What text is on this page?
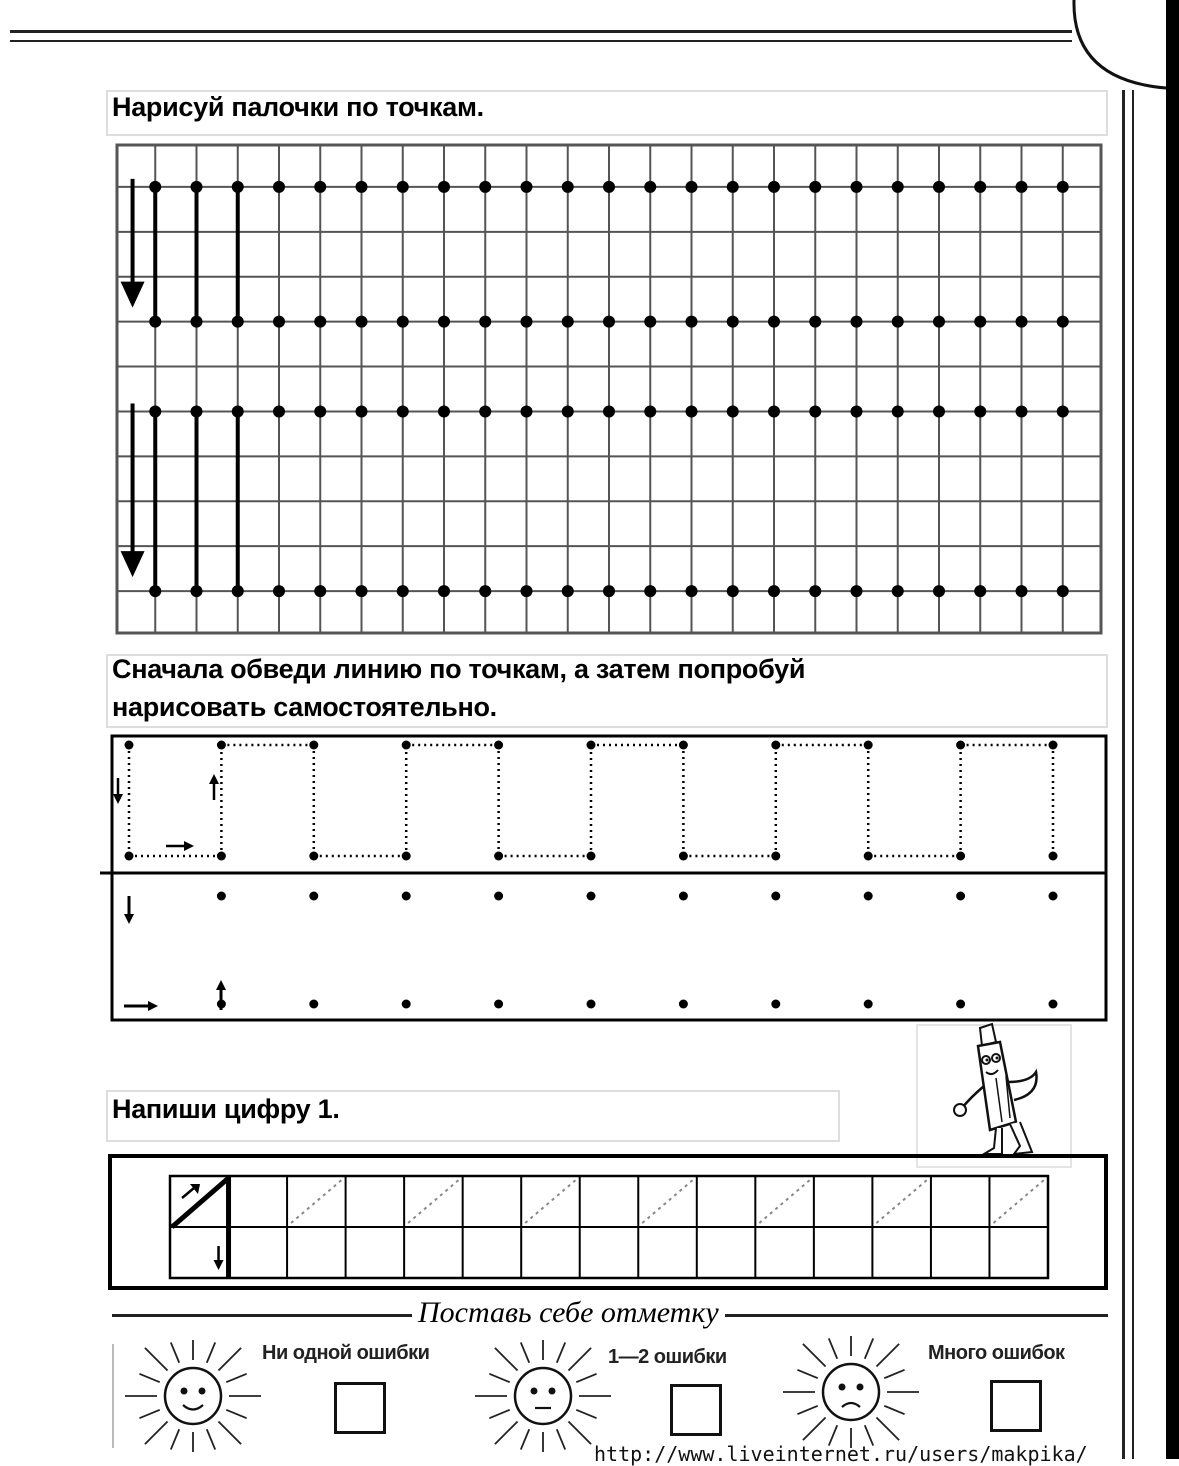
Нарисуй палочки по точкам.
Сначала обведи линию по точкам, а затем попробуй
нарисовать самостоятельно.
Напиши цифру 1.
Поставь себе отметку
Ни одной ошибки	1—2 ошибки	Много ошибок
http://www.liveinternet.ru/users/makpika/
